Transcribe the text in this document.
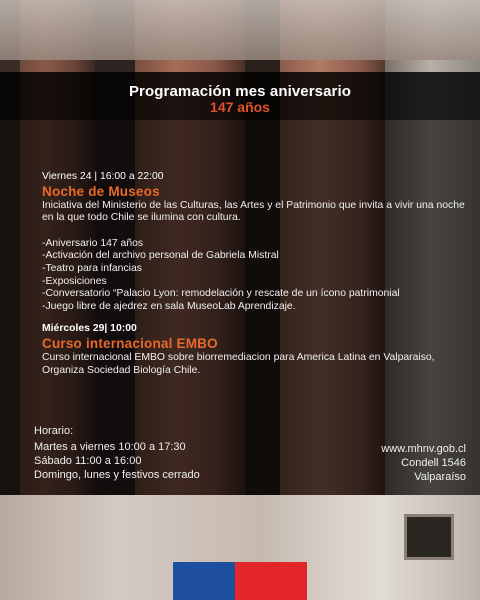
Programación mes aniversario
147 años
Viernes 24 | 16:00 a 22:00
Noche de Museos

Iniciativa del Ministerio de las Culturas, las Artes y el Patrimonio que invita a vivir una noche en la que todo Chile se ilumina con cultura.

-Aniversario 147 años
-Activación del archivo personal de Gabriela Mistral
-Teatro para infancias
-Exposiciones
-Conversatorio “Palacio Lyon: remodelación y rescate de un ícono patrimonial
-Juego libre de ajedrez en sala MuseoLab Aprendizaje.
Miércoles 29| 10:00
Curso internacional EMBO

Curso internacional EMBO sobre biorremediacion para America Latina en Valparaiso, Organiza Sociedad Biología Chile.

Horario:
Martes a viernes 10:00 a 17:30
Sábado 11:00 a 16:00
Domingo, lunes y festivos cerrado
www.mhnv.gob.cl
Condell 1546
Valparaíso
